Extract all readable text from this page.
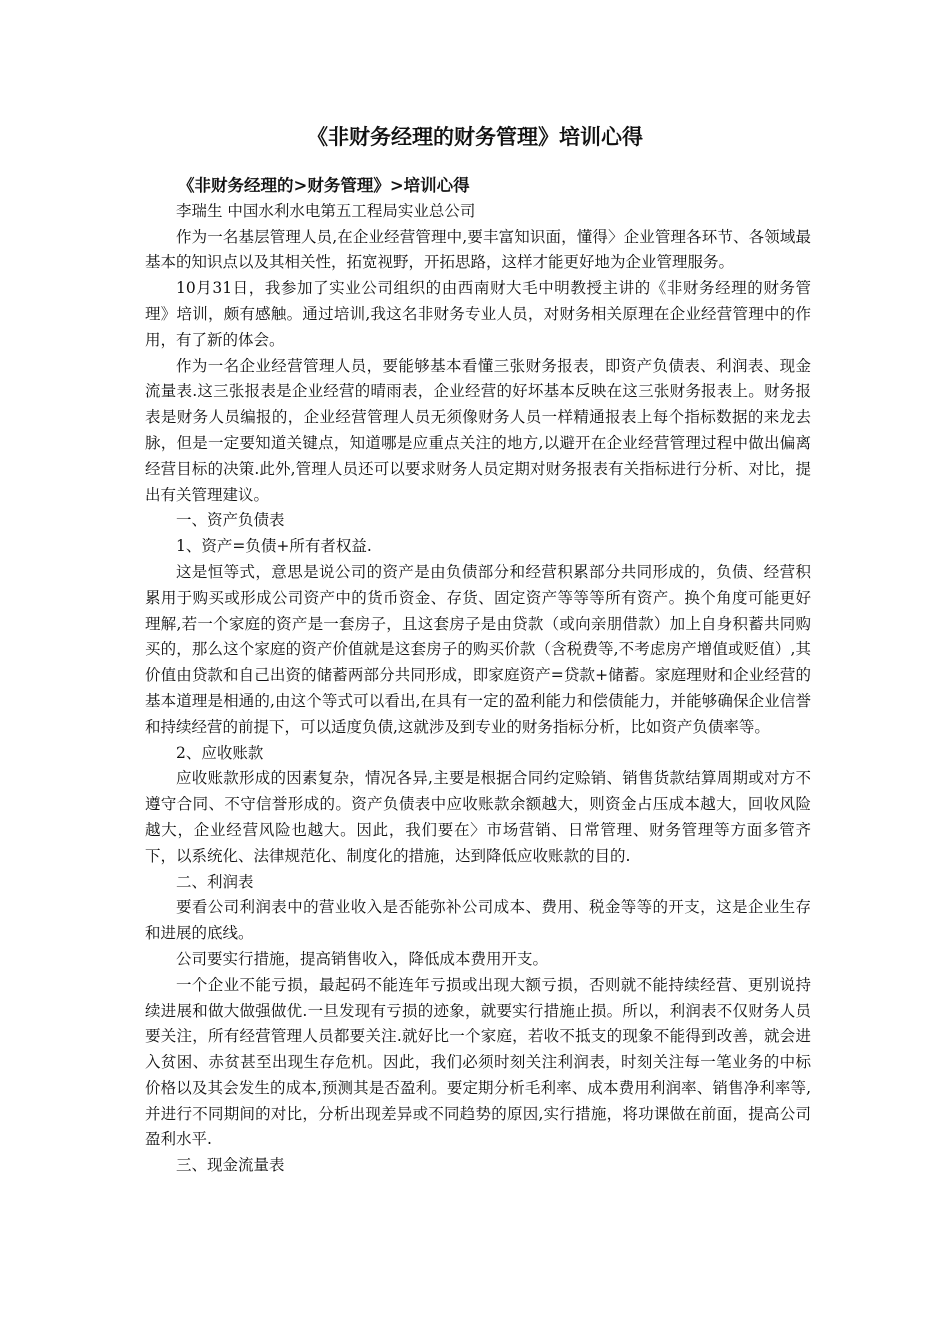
《非财务经理的财务管理》培训心得

《非财务经理的>财务管理》>培训心得

李瑞生 中国水利水电第五工程局实业总公司

作为一名基层管理人员,在企业经营管理中,要丰富知识面，懂得〉企业管理各环节、各领域最基本的知识点以及其相关性，拓宽视野，开拓思路，这样才能更好地为企业管理服务。

10月31日，我参加了实业公司组织的由西南财大毛中明教授主讲的《非财务经理的财务管理》培训，颇有感触。通过培训,我这名非财务专业人员，对财务相关原理在企业经营管理中的作用，有了新的体会。

作为一名企业经营管理人员，要能够基本看懂三张财务报表，即资产负债表、利润表、现金流量表.这三张报表是企业经营的晴雨表，企业经营的好坏基本反映在这三张财务报表上。财务报表是财务人员编报的，企业经营管理人员无须像财务人员一样精通报表上每个指标数据的来龙去脉，但是一定要知道关键点，知道哪是应重点关注的地方,以避开在企业经营管理过程中做出偏离经营目标的决策.此外,管理人员还可以要求财务人员定期对财务报表有关指标进行分析、对比，提出有关管理建议。

一、资产负债表

1、资产=负债+所有者权益.

这是恒等式，意思是说公司的资产是由负债部分和经营积累部分共同形成的，负债、经营积累用于购买或形成公司资产中的货币资金、存货、固定资产等等等所有资产。换个角度可能更好理解,若一个家庭的资产是一套房子，且这套房子是由贷款（或向亲朋借款）加上自身积蓄共同购买的，那么这个家庭的资产价值就是这套房子的购买价款（含税费等,不考虑房产增值或贬值）,其价值由贷款和自己出资的储蓄两部分共同形成，即家庭资产=贷款+储蓄。家庭理财和企业经营的基本道理是相通的,由这个等式可以看出,在具有一定的盈利能力和偿债能力，并能够确保企业信誉和持续经营的前提下，可以适度负债,这就涉及到专业的财务指标分析，比如资产负债率等。

2、应收账款

应收账款形成的因素复杂，情况各异,主要是根据合同约定赊销、销售货款结算周期或对方不遵守合同、不守信誉形成的。资产负债表中应收账款余额越大，则资金占压成本越大，回收风险越大，企业经营风险也越大。因此，我们要在〉市场营销、日常管理、财务管理等方面多管齐下，以系统化、法律规范化、制度化的措施，达到降低应收账款的目的.

二、利润表

要看公司利润表中的营业收入是否能弥补公司成本、费用、税金等等的开支，这是企业生存和进展的底线。

公司要实行措施，提高销售收入，降低成本费用开支。

一个企业不能亏损，最起码不能连年亏损或出现大额亏损，否则就不能持续经营、更别说持续进展和做大做强做优.一旦发现有亏损的迹象，就要实行措施止损。所以，利润表不仅财务人员要关注，所有经营管理人员都要关注.就好比一个家庭，若收不抵支的现象不能得到改善，就会进入贫困、赤贫甚至出现生存危机。因此，我们必须时刻关注利润表，时刻关注每一笔业务的中标价格以及其会发生的成本,预测其是否盈利。要定期分析毛利率、成本费用利润率、销售净利率等,并进行不同期间的对比，分析出现差异或不同趋势的原因,实行措施，将功课做在前面，提高公司盈利水平.

三、现金流量表
